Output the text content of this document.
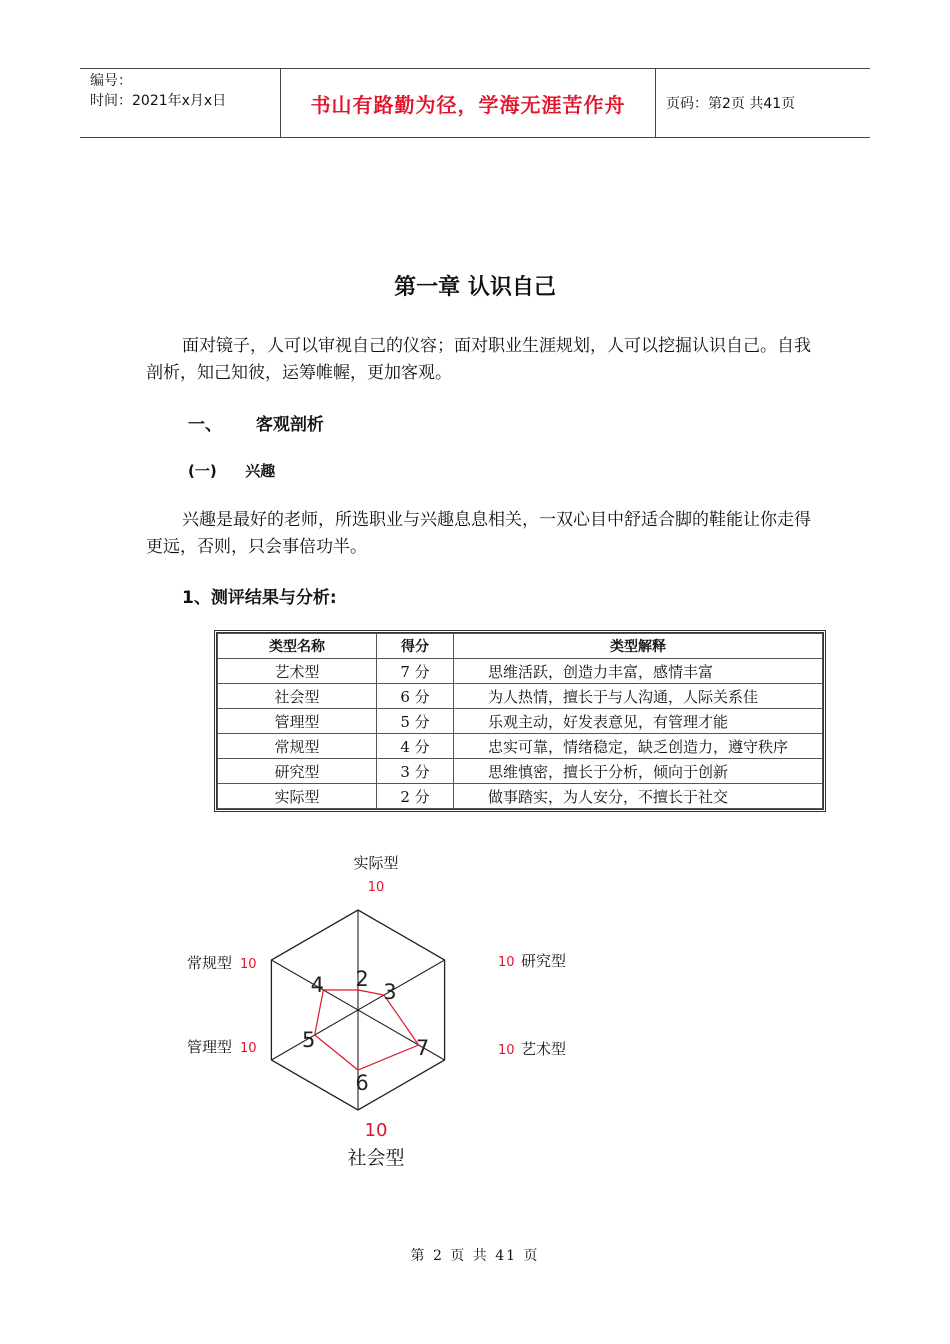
编号：
时间：2021年x月x日	书山有路勤为径，学海无涯苦作舟	页码：第2页 共41页
第一章 认识自己

面对镜子，人可以审视自己的仪容；面对职业生涯规划，人可以挖掘认识自己。自我剖析，知己知彼，运筹帷幄，更加客观。

一、 客观剖析
(一) 兴趣

兴趣是最好的老师，所选职业与兴趣息息相关，一双心目中舒适合脚的鞋能让你走得更远，否则，只会事倍功半。

1、测评结果与分析:
类型名称	得分	类型解释
艺术型	7 分	思维活跃，创造力丰富，感情丰富
社会型	6 分	为人热情，擅长于与人沟通，人际关系佳
管理型	5 分	乐观主动，好发表意见，有管理才能
常规型	4 分	忠实可靠，情绪稳定，缺乏创造力，遵守秩序
研究型	3 分	思维慎密，擅长于分析，倾向于创新
实际型	2 分	做事踏实，为人安分，不擅长于社交
2
3
7
6
5
4
实际型
10
研究型
10
艺术型
10
社会型
10
管理型 10
常规型 10
第 2 页 共 41 页
